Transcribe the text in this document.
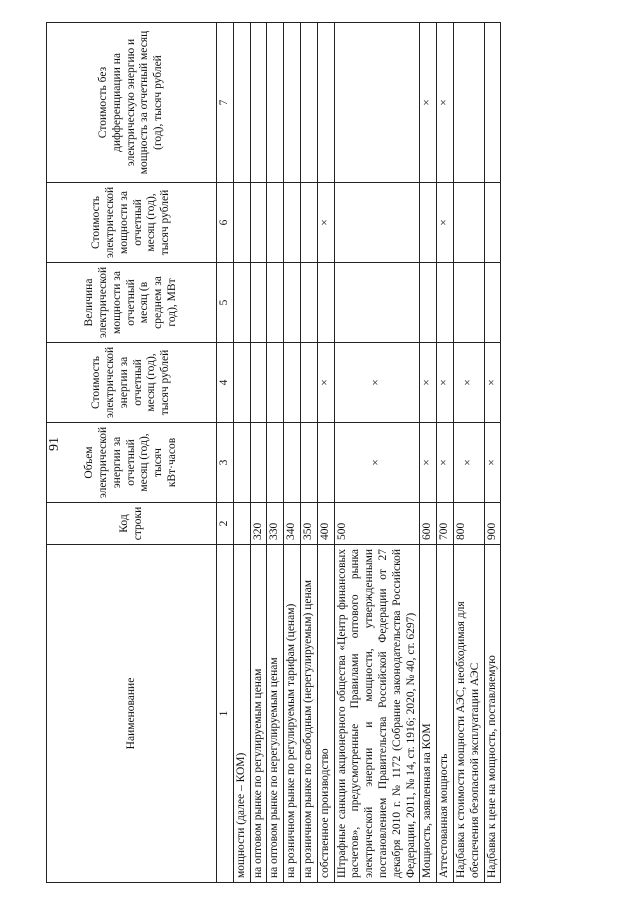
91
Наименование	Код строки	Объем электрической энергии за отчетный месяц (год), тысяч кВт·часов	Стоимость электрической энергии за отчетный месяц (год), тысяч рублей	Величина электрической мощности за отчетный месяц (в среднем за год), МВт	Стоимость электрической мощности за отчетный месяц (год), тысяч рублей	Стоимость без дифференциации на электрическую энергию и мощность за отчетный месяц (год), тысяч рублей
1	2	3	4	5	6	7
мощности (далее – КОМ)						
на оптовом рынке по регулируемым ценам	320					
на оптовом рынке по нерегулируемым ценам	330					
на розничном рынке по регулируемым тарифам (ценам)	340					
на розничном рынке по свободным (нерегулируемым) ценам	350					
собственное производство	400		×		×	
Штрафные санкции акционерного общества «Центр финансовых расчетов», предусмотренные Правилами оптового рынка электрической энергии и мощности, утвержденными постановлением Правительства Российской Федерации от 27 декабря 2010 г. № 1172 (Собрание законодательства Российской Федерации, 2011, № 14, ст. 1916; 2020, № 40, ст. 6297)	500	×	×			
Мощность, заявленная на КОМ	600	×	×			×
Аттестованная мощность	700	×	×		×	×
Надбавка к стоимости мощности АЭС, необходимая для обеспечения безопасной эксплуатации АЭС	800	×	×			
Надбавка к цене на мощность, поставляемую	900	×	×			
